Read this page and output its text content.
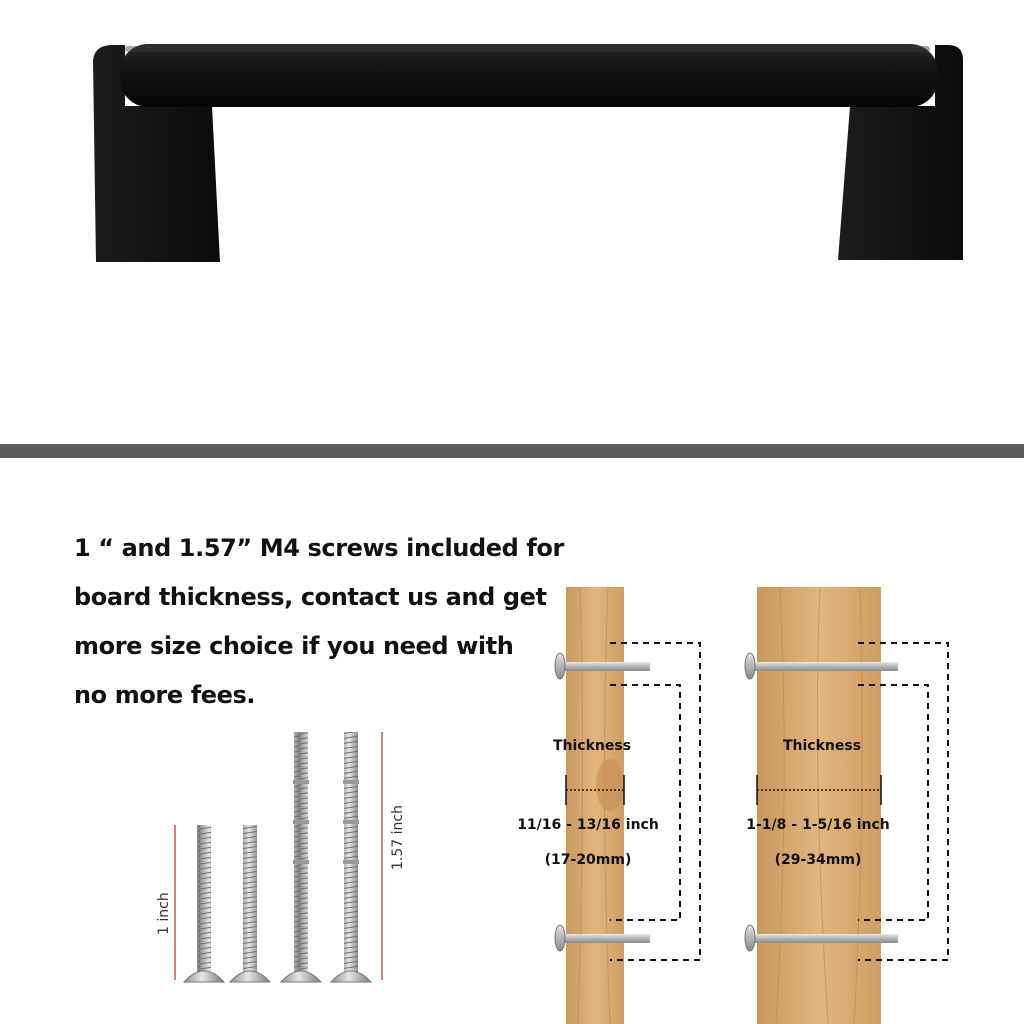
1 “ and 1.57” M4 screws included for
board thickness, contact us and get
more size choice if you need with
no more fees.

1 inch
1.57 inch
Thickness
11/16 - 13/16 inch
(17-20mm)
Thickness
1-1/8 - 1-5/16 inch
(29-34mm)
